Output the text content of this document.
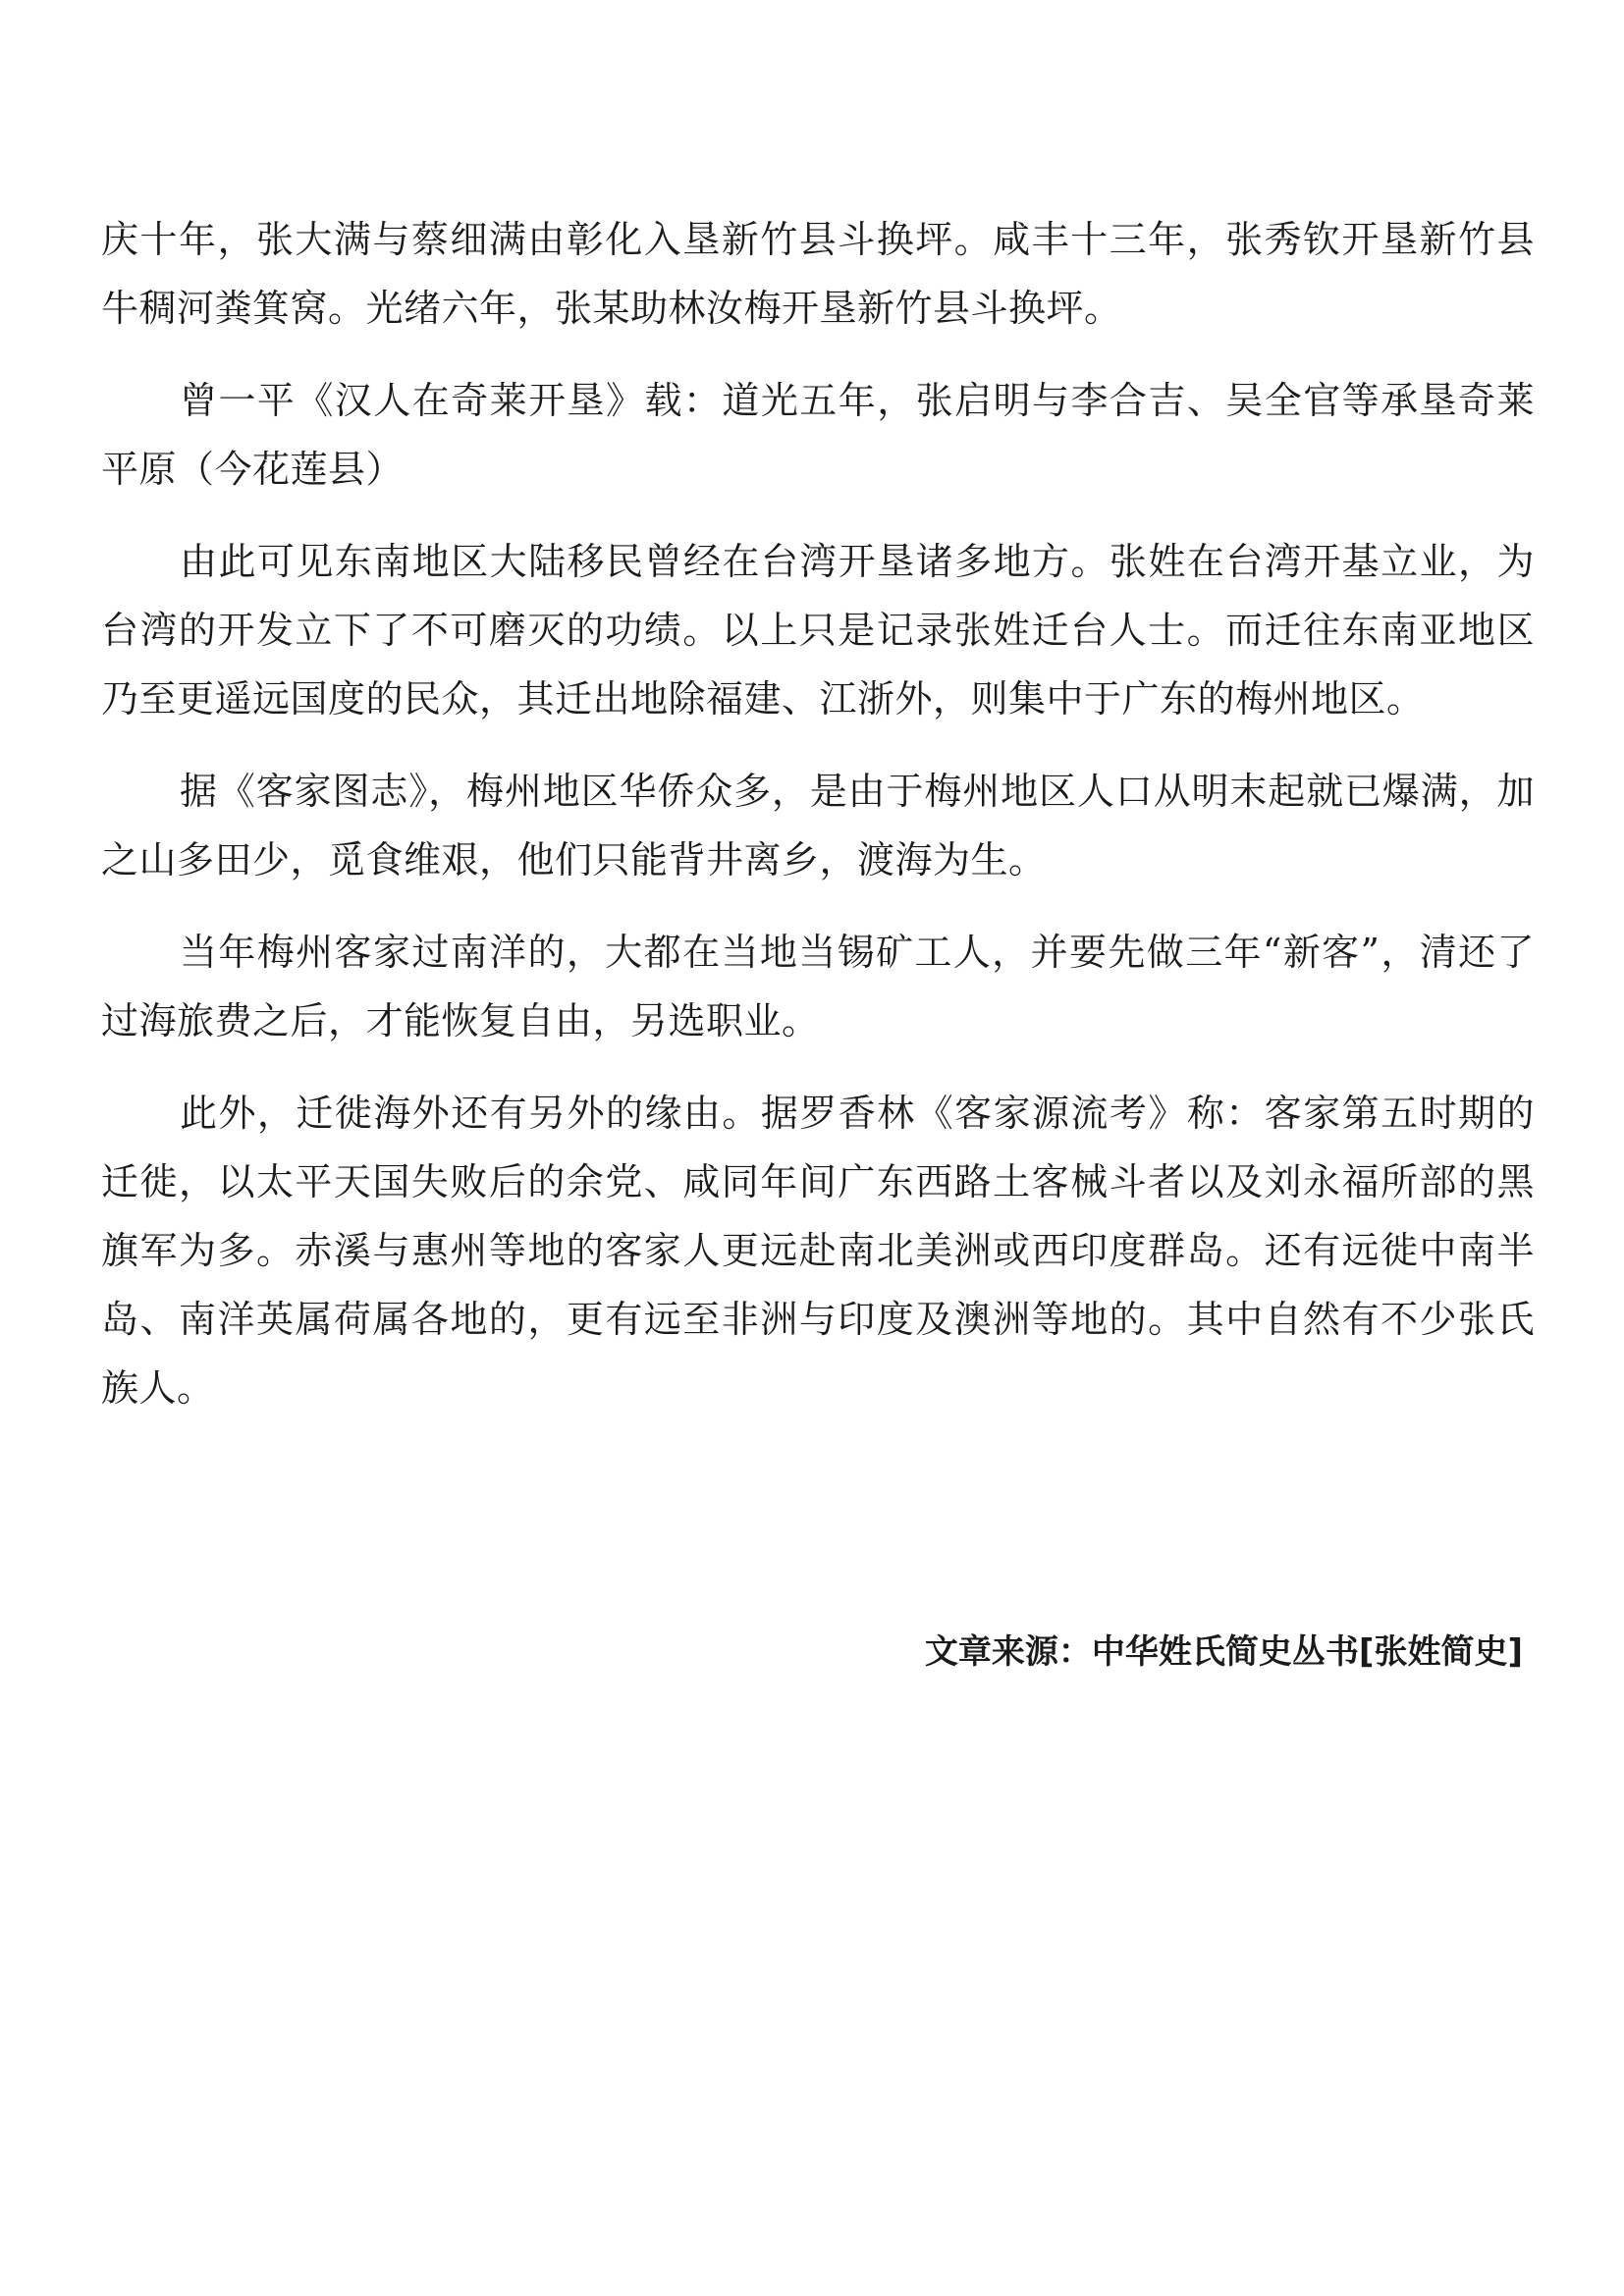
庆十年，张大满与蔡细满由彰化入垦新竹县斗换坪。咸丰十三年，张秀钦开垦新竹县牛稠河粪箕窝。光绪六年，张某助林汝梅开垦新竹县斗换坪。

曾一平《汉人在奇莱开垦》载：道光五年，张启明与李合吉、吴全官等承垦奇莱平原（今花莲县）

由此可见东南地区大陆移民曾经在台湾开垦诸多地方。张姓在台湾开基立业，为台湾的开发立下了不可磨灭的功绩。以上只是记录张姓迁台人士。而迁往东南亚地区乃至更遥远国度的民众，其迁出地除福建、江浙外，则集中于广东的梅州地区。

据《客家图志》，梅州地区华侨众多，是由于梅州地区人口从明末起就已爆满，加之山多田少，觅食维艰，他们只能背井离乡，渡海为生。

当年梅州客家过南洋的，大都在当地当锡矿工人，并要先做三年“新客”，清还了过海旅费之后，才能恢复自由，另选职业。

此外，迁徙海外还有另外的缘由。据罗香林《客家源流考》称：客家第五时期的迁徙，以太平天国失败后的余党、咸同年间广东西路土客械斗者以及刘永福所部的黑旗军为多。赤溪与惠州等地的客家人更远赴南北美洲或西印度群岛。还有远徙中南半岛、南洋英属荷属各地的，更有远至非洲与印度及澳洲等地的。其中自然有不少张氏族人。

文章来源：中华姓氏简史丛书[张姓简史]
